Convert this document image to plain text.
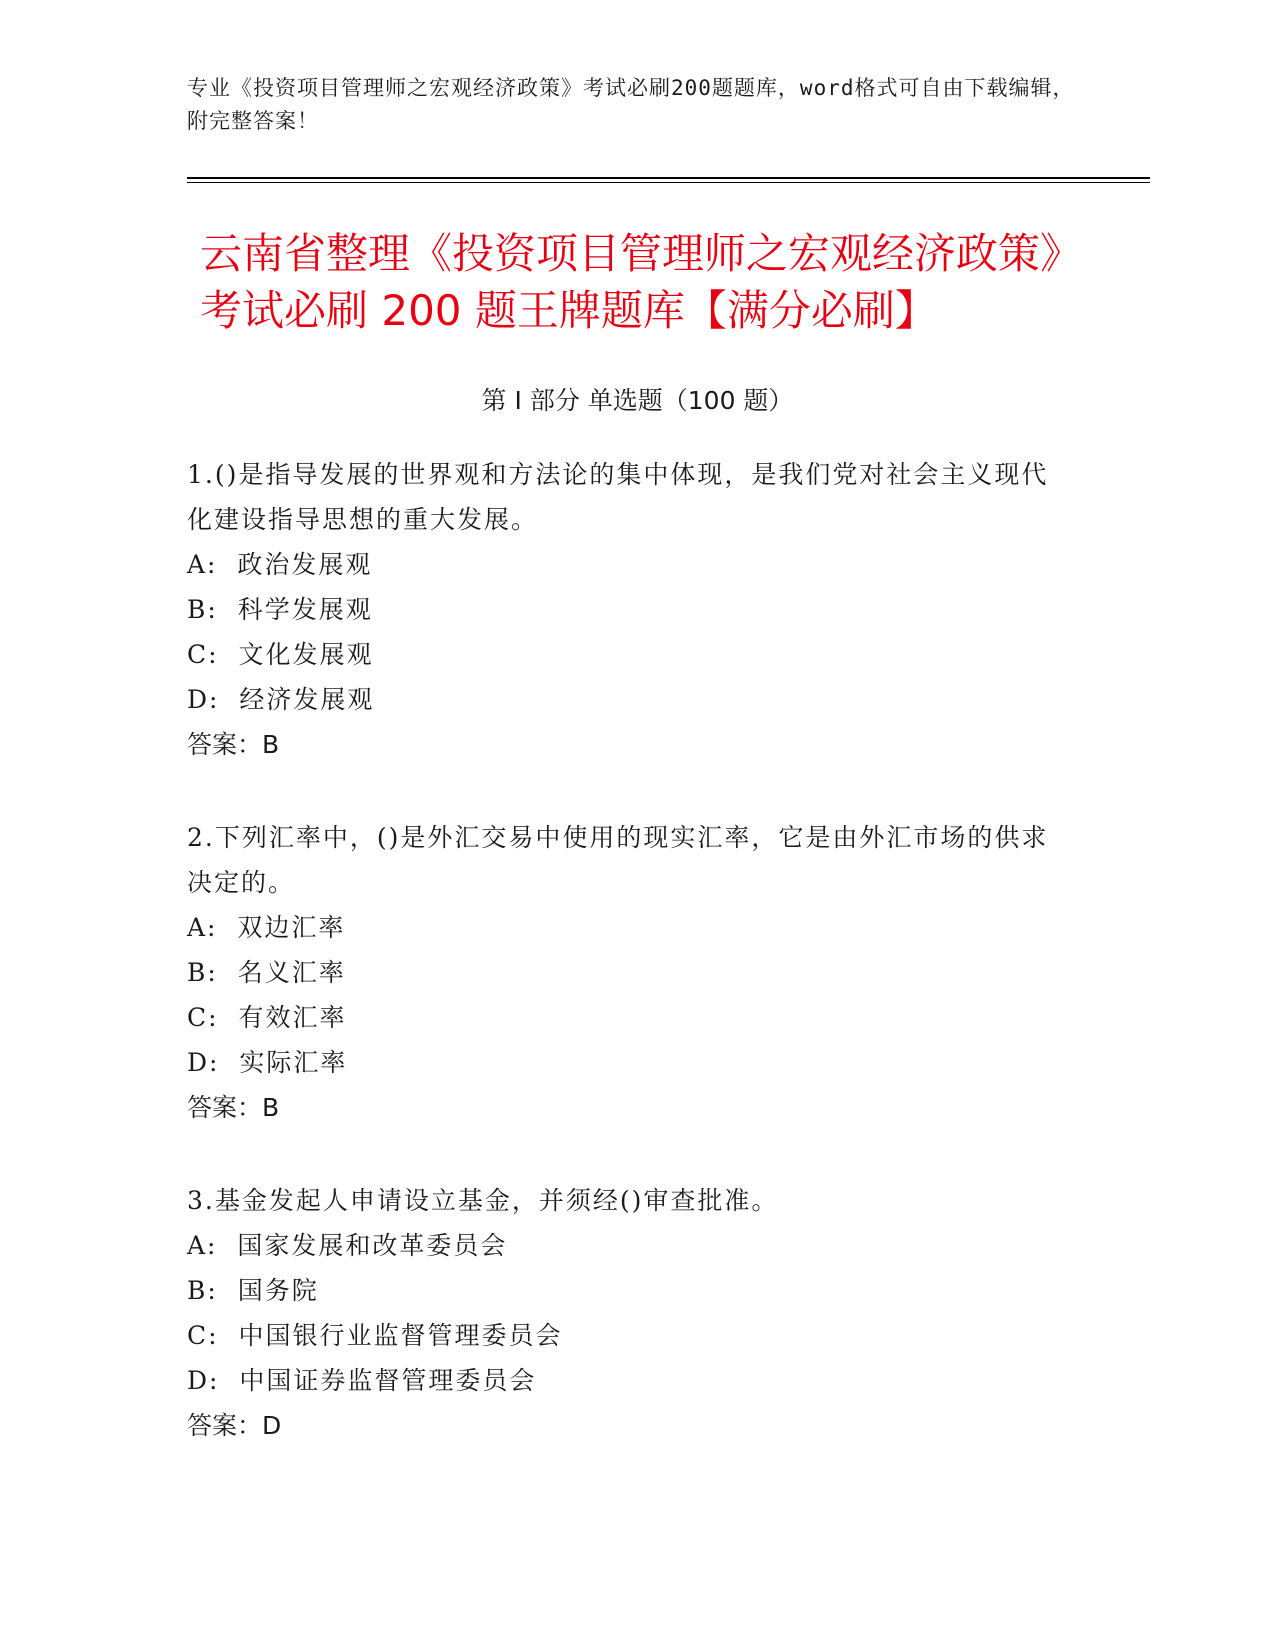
专业《投资项目管理师之宏观经济政策》考试必刷200题题库，word格式可自由下载编辑，附完整答案！
云南省整理《投资项目管理师之宏观经济政策》考试必刷 200 题王牌题库【满分必刷】
第 I 部分 单选题（100 题）

1.()是指导发展的世界观和方法论的集中体现，是我们党对社会主义现代化建设指导思想的重大发展。

A:  政治发展观

B:  科学发展观

C:  文化发展观

D:  经济发展观

答案：B

2.下列汇率中，()是外汇交易中使用的现实汇率，它是由外汇市场的供求决定的。

A:  双边汇率

B:  名义汇率

C:  有效汇率

D:  实际汇率

答案：B

3.基金发起人申请设立基金，并须经()审查批准。

A:  国家发展和改革委员会

B:  国务院

C:  中国银行业监督管理委员会

D:  中国证券监督管理委员会

答案：D
